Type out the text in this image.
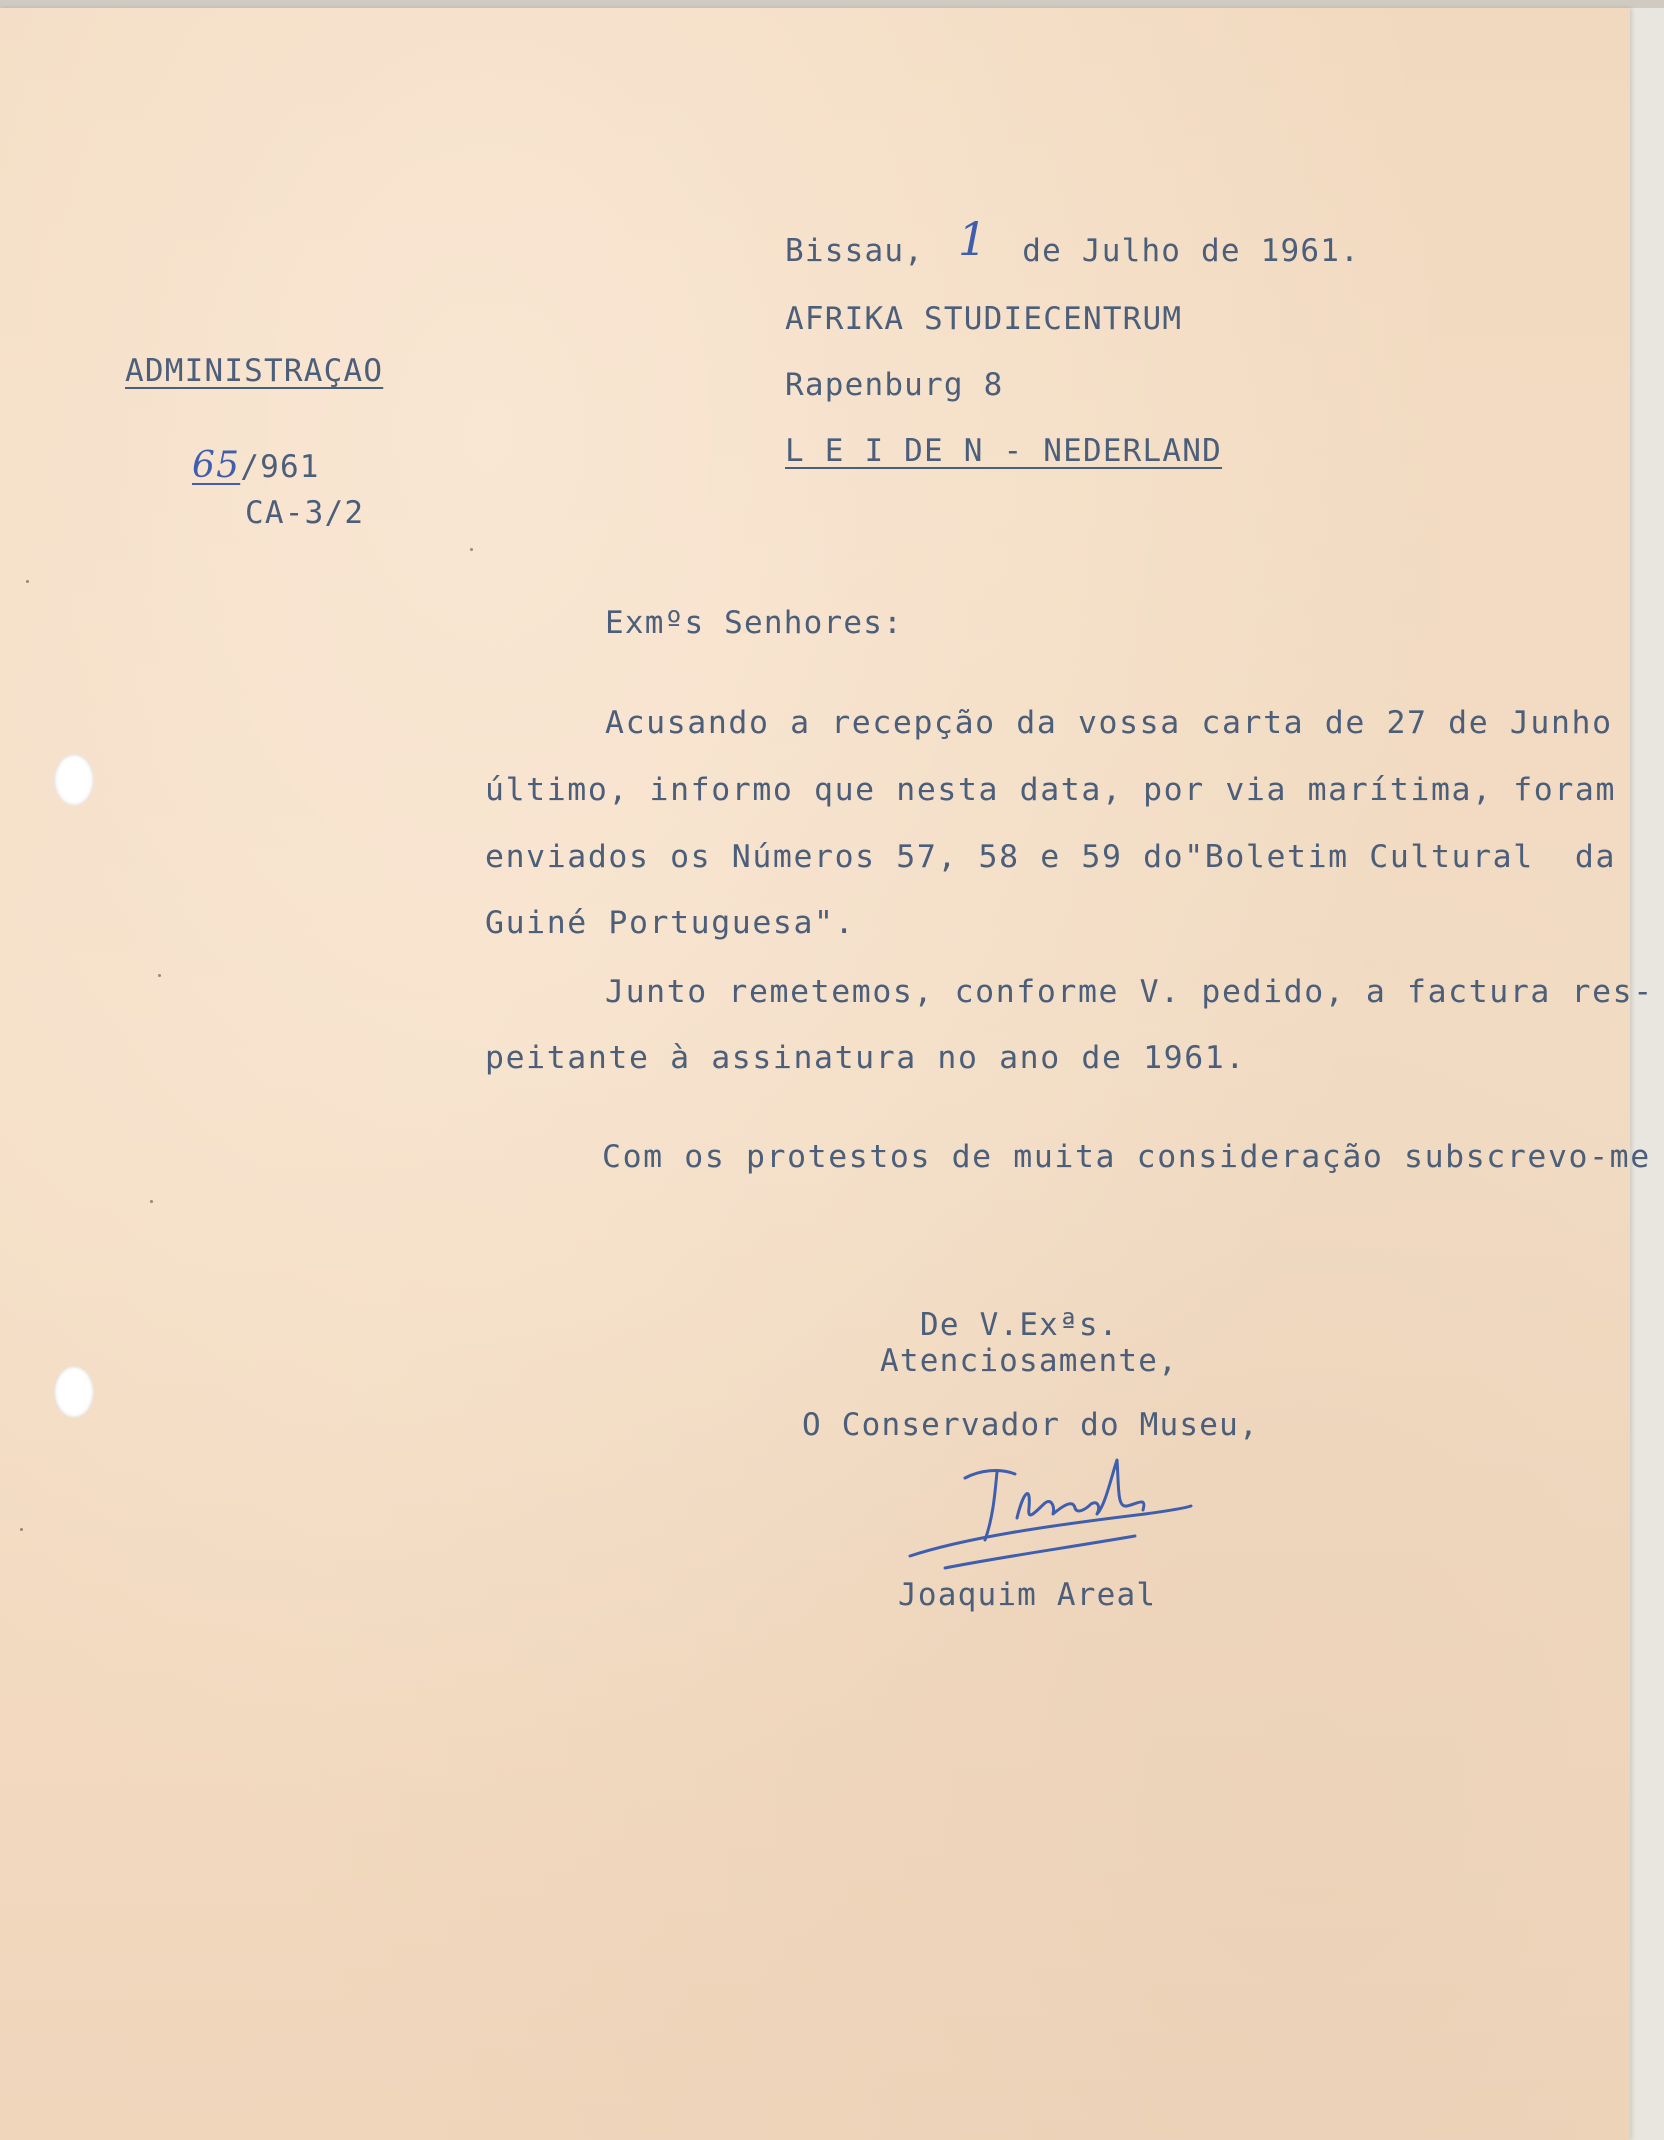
Bissau, 1 de Julho de 1961.
AFRIKA STUDIECENTRUM
Rapenburg 8
L E I DE N - NEDERLAND
ADMINISTRAÇAO
65/961
CA-3/2
Exmºs Senhores:
Acusando a recepção da vossa carta de 27 de Junho
último, informo que nesta data, por via marítima, foram
enviados os Números 57, 58 e 59 do"Boletim Cultural  da
Guiné Portuguesa".
Junto remetemos, conforme V. pedido, a factura res-
peitante à assinatura no ano de 1961.
Com os protestos de muita consideração subscrevo-me
De V.Exªs.
Atenciosamente,
O Conservador do Museu,
Joaquim Areal
